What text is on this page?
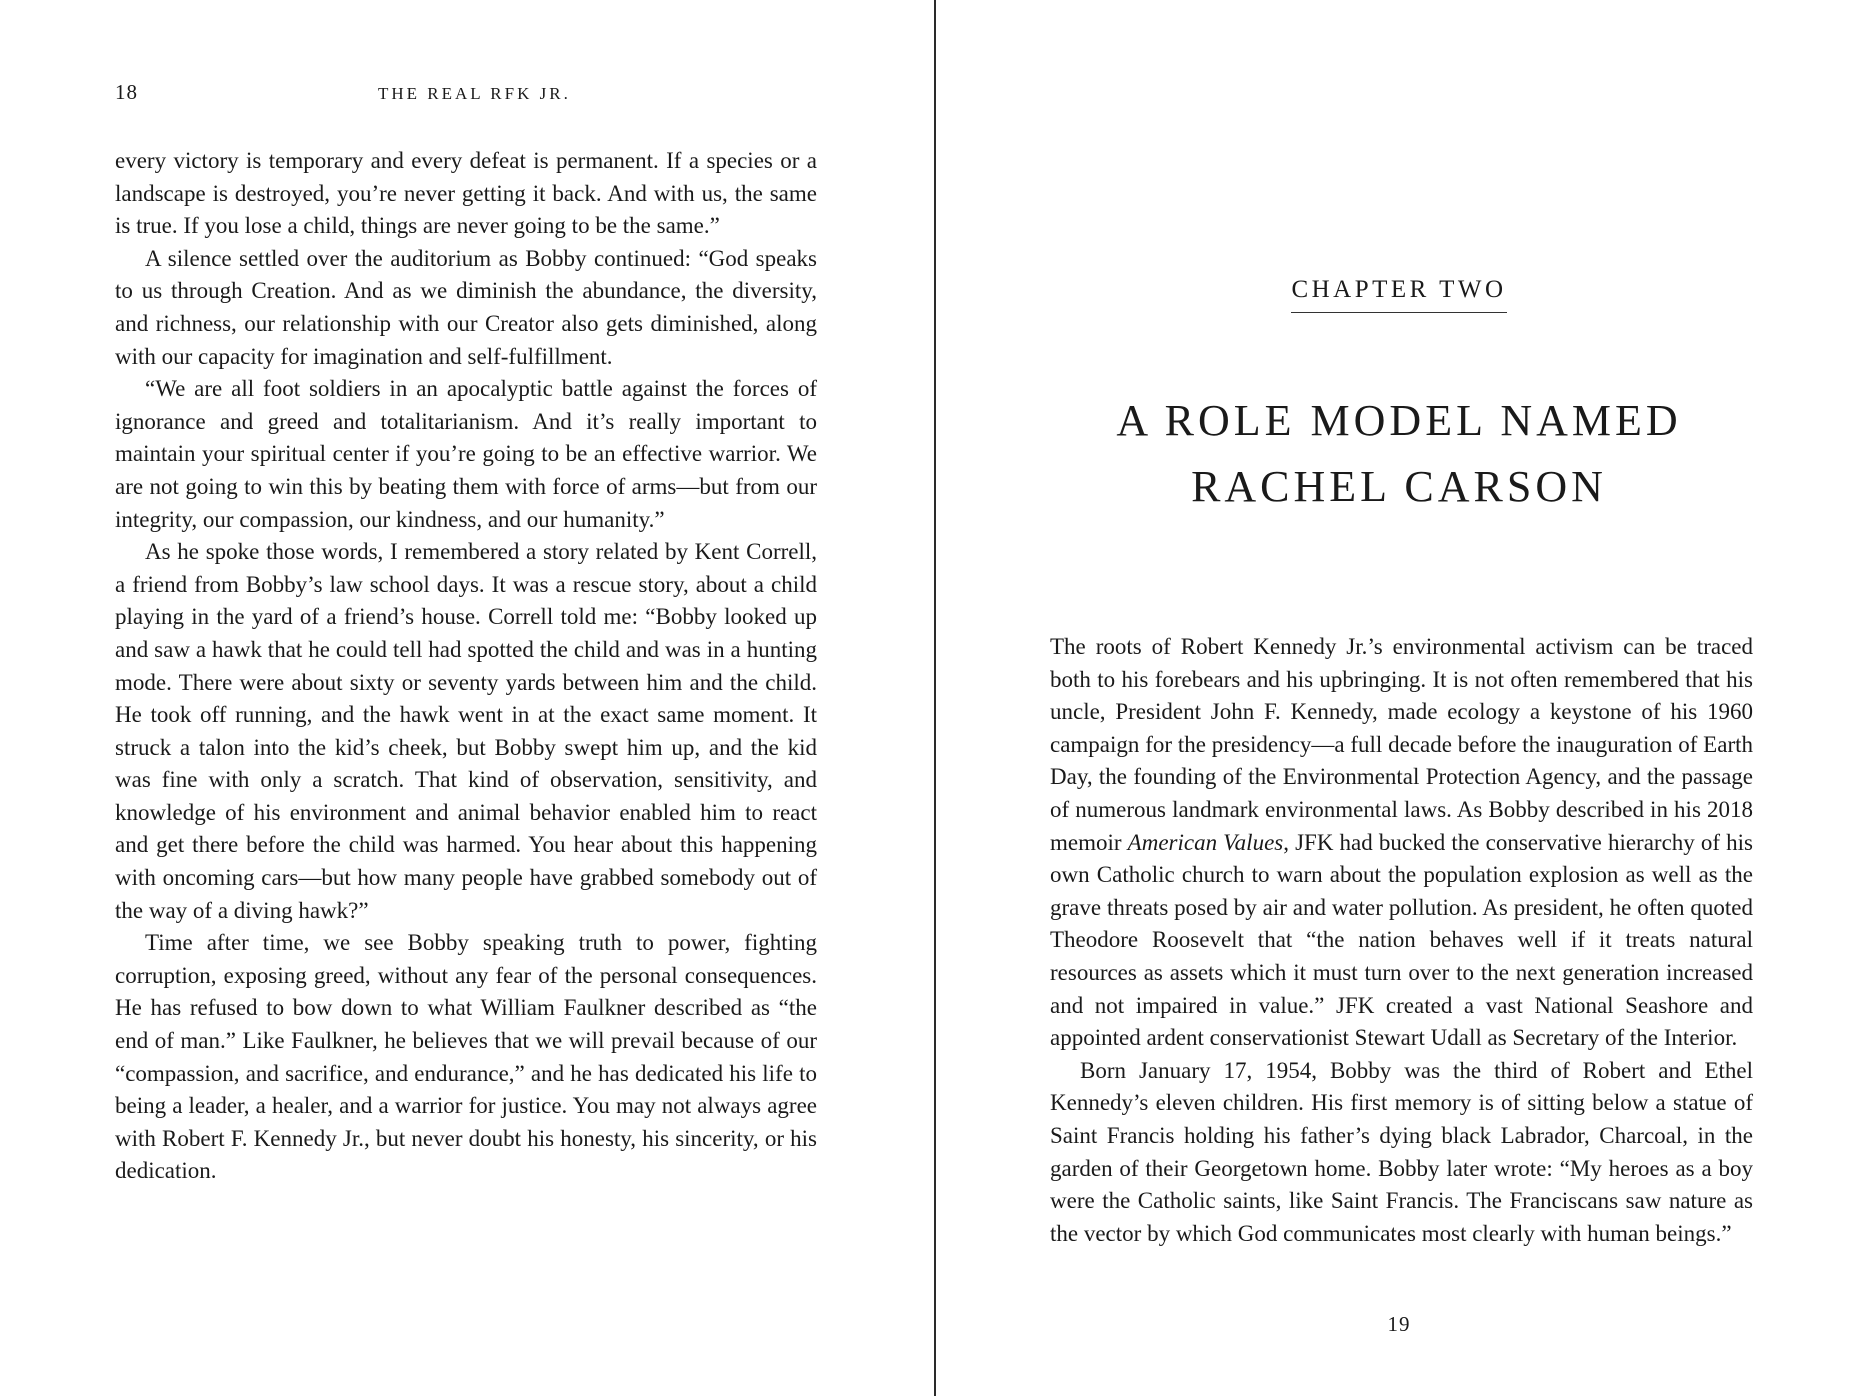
18	THE REAL RFK JR.

every victory is temporary and every defeat is permanent. If a species or a landscape is destroyed, you’re never getting it back. And with us, the same is true. If you lose a child, things are never going to be the same.”

A silence settled over the auditorium as Bobby continued: “God speaks to us through Creation. And as we diminish the abundance, the diversity, and richness, our relationship with our Creator also gets diminished, along with our capacity for imagination and self-fulfillment.

“We are all foot soldiers in an apocalyptic battle against the forces of ignorance and greed and totalitarianism. And it’s really important to maintain your spiritual center if you’re going to be an effective warrior. We are not going to win this by beating them with force of arms—but from our integrity, our compassion, our kindness, and our humanity.”

As he spoke those words, I remembered a story related by Kent Correll, a friend from Bobby’s law school days. It was a rescue story, about a child playing in the yard of a friend’s house. Correll told me: “Bobby looked up and saw a hawk that he could tell had spotted the child and was in a hunting mode. There were about sixty or seventy yards between him and the child. He took off running, and the hawk went in at the exact same moment. It struck a talon into the kid’s cheek, but Bobby swept him up, and the kid was fine with only a scratch. That kind of observation, sensitivity, and knowledge of his environment and animal behavior enabled him to react and get there before the child was harmed. You hear about this happening with oncoming cars—but how many people have grabbed somebody out of the way of a diving hawk?”

Time after time, we see Bobby speaking truth to power, fighting corruption, exposing greed, without any fear of the personal consequences. He has refused to bow down to what William Faulkner described as “the end of man.” Like Faulkner, he believes that we will prevail because of our “compassion, and sacrifice, and endurance,” and he has dedicated his life to being a leader, a healer, and a warrior for justice. You may not always agree with Robert F. Kennedy Jr., but never doubt his honesty, his sincerity, or his dedication.

CHAPTER TWO
A ROLE MODEL NAMED
RACHEL CARSON

The roots of Robert Kennedy Jr.’s environmental activism can be traced both to his forebears and his upbringing. It is not often remembered that his uncle, President John F. Kennedy, made ecology a keystone of his 1960 campaign for the presidency—a full decade before the inauguration of Earth Day, the founding of the Environmental Protection Agency, and the passage of numerous landmark environmental laws. As Bobby described in his 2018 memoir American Values, JFK had bucked the conservative hierarchy of his own Catholic church to warn about the population explosion as well as the grave threats posed by air and water pollution. As president, he often quoted Theodore Roosevelt that “the nation behaves well if it treats natural resources as assets which it must turn over to the next generation increased and not impaired in value.” JFK created a vast National Seashore and appointed ardent conservationist Stewart Udall as Secretary of the Interior.

Born January 17, 1954, Bobby was the third of Robert and Ethel Kennedy’s eleven children. His first memory is of sitting below a statue of Saint Francis holding his father’s dying black Labrador, Charcoal, in the garden of their Georgetown home. Bobby later wrote: “My heroes as a boy were the Catholic saints, like Saint Francis. The Franciscans saw nature as the vector by which God communicates most clearly with human beings.”

19
